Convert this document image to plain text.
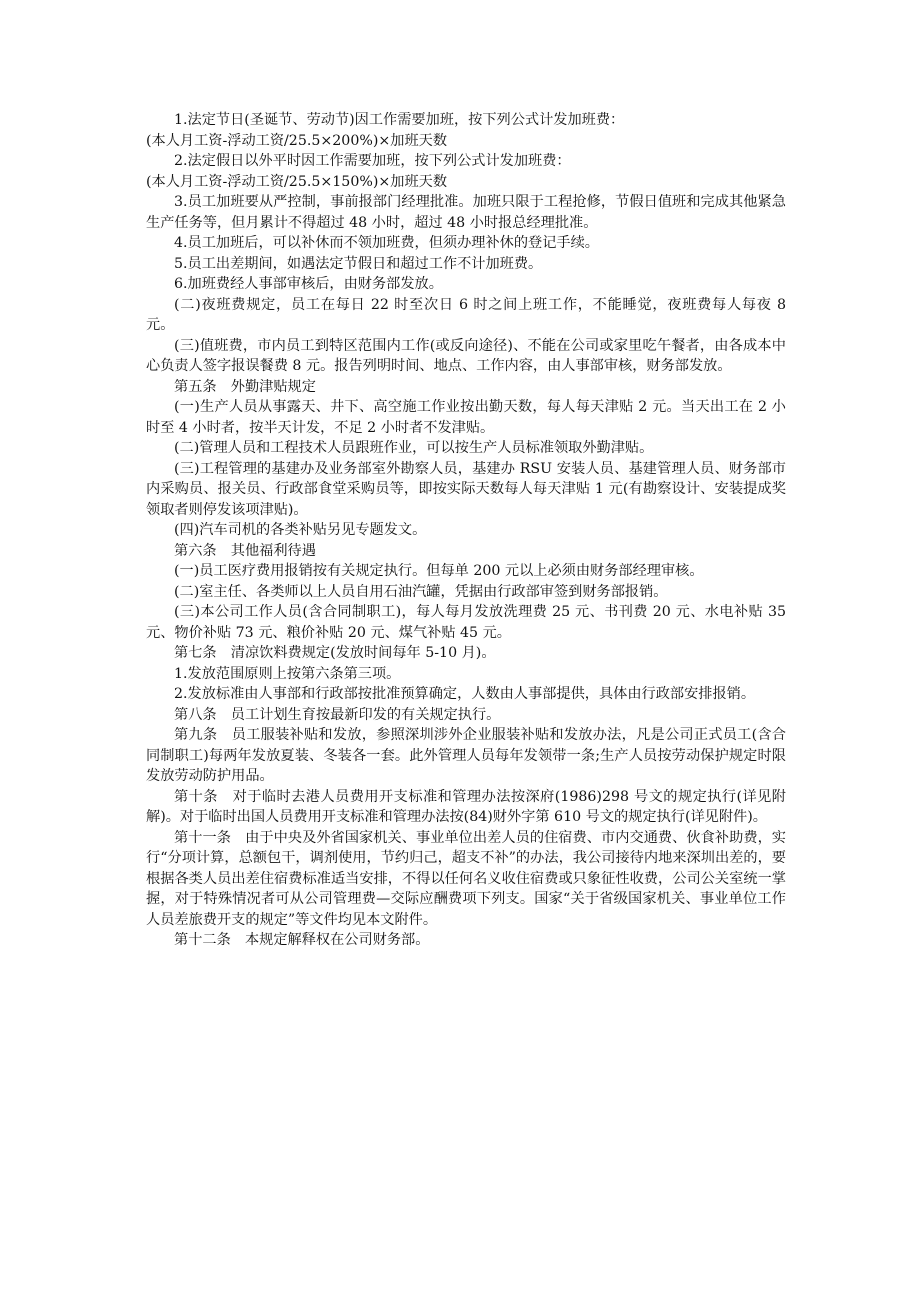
1.法定节日(圣诞节、劳动节)因工作需要加班，按下列公式计发加班费：

(本人月工资-浮动工资/25.5×200%)×加班天数

2.法定假日以外平时因工作需要加班，按下列公式计发加班费：

(本人月工资-浮动工资/25.5×150%)×加班天数

3.员工加班要从严控制，事前报部门经理批准。加班只限于工程抢修，节假日值班和完成其他紧急生产任务等，但月累计不得超过 48 小时，超过 48 小时报总经理批准。

4.员工加班后，可以补休而不领加班费，但须办理补休的登记手续。

5.员工出差期间，如遇法定节假日和超过工作不计加班费。

6.加班费经人事部审核后，由财务部发放。

(二)夜班费规定，员工在每日 22 时至次日 6 时之间上班工作，不能睡觉，夜班费每人每夜 8 元。

(三)值班费，市内员工到特区范围内工作(或反向途径)、不能在公司或家里吃午餐者，由各成本中心负责人签字报误餐费 8 元。报告列明时间、地点、工作内容，由人事部审核，财务部发放。

第五条　外勤津贴规定

(一)生产人员从事露天、井下、高空施工作业按出勤天数，每人每天津贴 2 元。当天出工在 2 小时至 4 小时者，按半天计发，不足 2 小时者不发津贴。

(二)管理人员和工程技术人员跟班作业，可以按生产人员标准领取外勤津贴。

(三)工程管理的基建办及业务部室外勘察人员，基建办 RSU 安装人员、基建管理人员、财务部市内采购员、报关员、行政部食堂采购员等，即按实际天数每人每天津贴 1 元(有勘察设计、安装提成奖领取者则停发该项津贴)。

(四)汽车司机的各类补贴另见专题发文。

第六条　其他福利待遇

(一)员工医疗费用报销按有关规定执行。但每单 200 元以上必须由财务部经理审核。

(二)室主任、各类师以上人员自用石油汽罐，凭据由行政部审签到财务部报销。

(三)本公司工作人员(含合同制职工)，每人每月发放洗理费 25 元、书刊费 20 元、水电补贴 35 元、物价补贴 73 元、粮价补贴 20 元、煤气补贴 45 元。

第七条　清凉饮料费规定(发放时间每年 5-10 月)。

1.发放范围原则上按第六条第三项。

2.发放标准由人事部和行政部按批准预算确定，人数由人事部提供，具体由行政部安排报销。

第八条　员工计划生育按最新印发的有关规定执行。

第九条　员工服装补贴和发放，参照深圳涉外企业服装补贴和发放办法，凡是公司正式员工(含合同制职工)每两年发放夏装、冬装各一套。此外管理人员每年发领带一条;生产人员按劳动保护规定时限发放劳动防护用品。

第十条　对于临时去港人员费用开支标准和管理办法按深府(1986)298 号文的规定执行(详见附解)。对于临时出国人员费用开支标准和管理办法按(84)财外字第 610 号文的规定执行(详见附件)。

第十一条　由于中央及外省国家机关、事业单位出差人员的住宿费、市内交通费、伙食补助费，实行“分项计算，总额包干，调剂使用，节约归己，超支不补”的办法，我公司接待内地来深圳出差的，要根据各类人员出差住宿费标准适当安排，不得以任何名义收住宿费或只象征性收费，公司公关室统一掌握，对于特殊情况者可从公司管理费—交际应酬费项下列支。国家“关于省级国家机关、事业单位工作人员差旅费开支的规定”等文件均见本文附件。

第十二条　本规定解释权在公司财务部。
